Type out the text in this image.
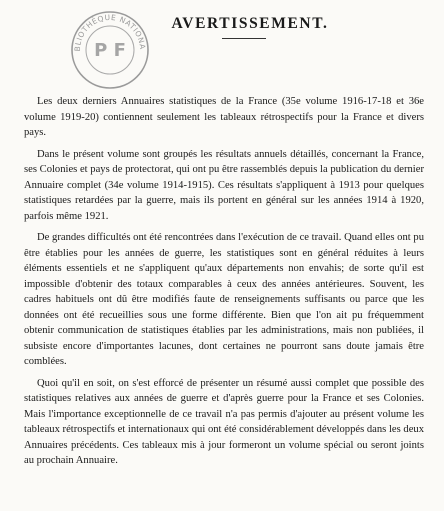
BLIOTHÈQUE NATIONA
P F
AVERTISSEMENT.

Les deux derniers Annuaires statistiques de la France (35e volume 1916-17-18 et 36e volume 1919-20) contiennent seulement les tableaux rétrospectifs pour la France et divers pays.

Dans le présent volume sont groupés les résultats annuels détaillés, concernant la France, ses Colonies et pays de protectorat, qui ont pu être rassemblés depuis la publication du dernier Annuaire complet (34e volume 1914-1915). Ces résultats s'appliquent à 1913 pour quelques statistiques retardées par la guerre, mais ils portent en général sur les années 1914 à 1920, parfois même 1921.

De grandes difficultés ont été rencontrées dans l'exécution de ce travail. Quand elles ont pu être établies pour les années de guerre, les statistiques sont en général réduites à leurs éléments essentiels et ne s'appliquent qu'aux départements non envahis; de sorte qu'il est impossible d'obtenir des totaux comparables à ceux des années antérieures. Souvent, les cadres habituels ont dû être modifiés faute de renseignements suffisants ou parce que les données ont été recueillies sous une forme différente. Bien que l'on ait pu fréquemment obtenir communication de statistiques établies par les administrations, mais non publiées, il subsiste encore d'importantes lacunes, dont certaines ne pourront sans doute jamais être comblées.

Quoi qu'il en soit, on s'est efforcé de présenter un résumé aussi complet que possible des statistiques relatives aux années de guerre et d'après guerre pour la France et ses Colonies. Mais l'importance exceptionnelle de ce travail n'a pas permis d'ajouter au présent volume les tableaux rétrospectifs et internationaux qui ont été considérablement développés dans les deux Annuaires précédents. Ces tableaux mis à jour formeront un volume spécial ou seront joints au prochain Annuaire.
